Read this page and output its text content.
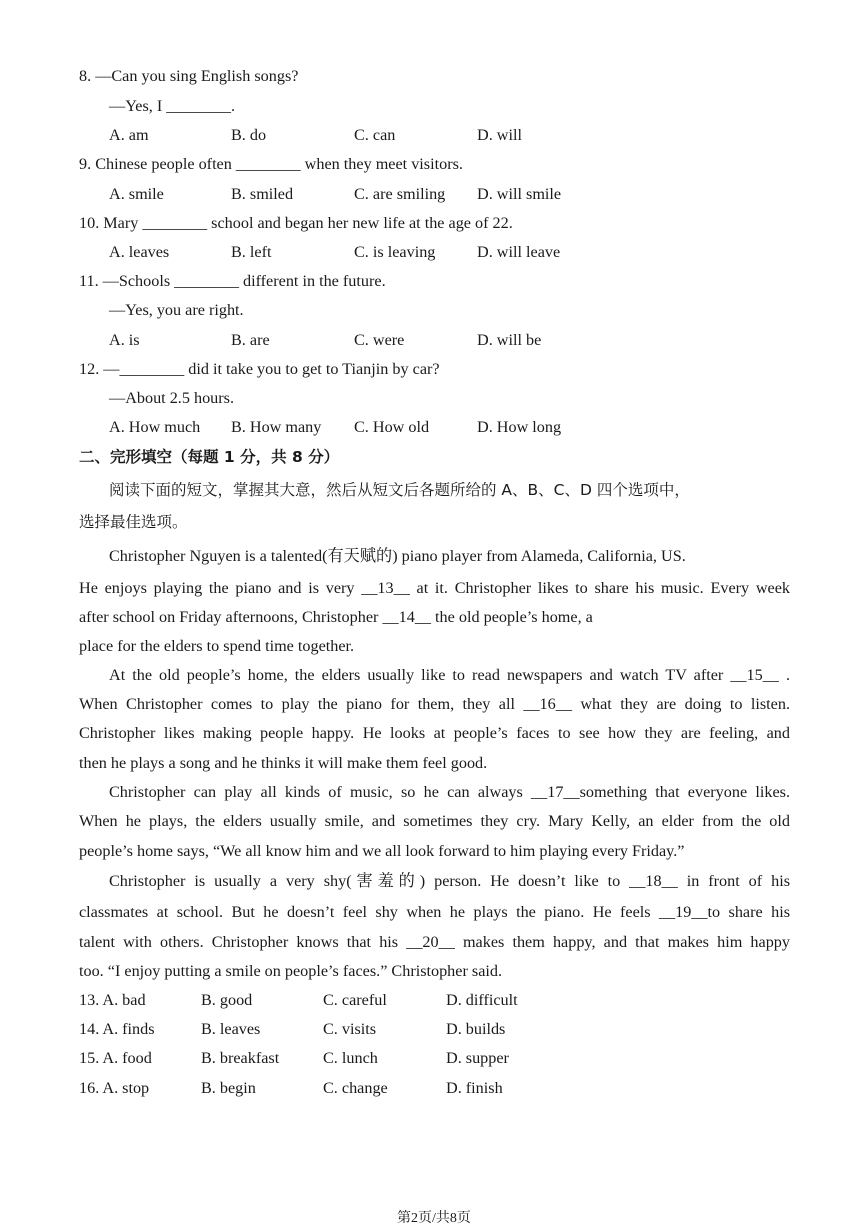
8. —Can you sing English songs?
—Yes, I ________.
A. am	B. do	C. can	D. will
9. Chinese people often ________ when they meet visitors.
A. smile	B. smiled	C. are smiling D. will smile
10. Mary ________ school and began her new life at the age of 22.
A. leaves	B. left	C. is leaving	D. will leave
11. —Schools ________ different in the future.
—Yes, you are right.
A. is	B. are	C. were	D. will be
12. —________ did it take you to get to Tianjin by car?
—About 2.5 hours.
A. How much B. How many C. How old	D. How long
二、完形填空（每题 1 分，共 8 分）
阅读下面的短文，掌握其大意，然后从短文后各题所给的 A、B、C、D 四个选项中，
选择最佳选项。
Christopher Nguyen is a talented(有天赋的) piano player from Alameda, California, US.
He enjoys playing the piano and is very __13__ at it. Christopher likes to share his music. Every week
after school on Friday afternoons, Christopher __14__ the old people’s home, a
place for the elders to spend time together.
At the old people’s home, the elders usually like to read newspapers and watch TV after __15__ .
When Christopher comes to play the piano for them, they all __16__ what they are doing to listen.
Christopher likes making people happy. He looks at people’s faces to see how they are feeling, and
then he plays a song and he thinks it will make them feel good.
Christopher can play all kinds of music, so he can always __17__something that everyone likes.
When he plays, the elders usually smile, and sometimes they cry. Mary Kelly, an elder from the old
people’s home says, “We all know him and we all look forward to him playing every Friday.”
Christopher is usually a very shy(害羞的) person. He doesn’t like to __18__ in front of his
classmates at school. But he doesn’t feel shy when he plays the piano. He feels __19__to share his
talent with others. Christopher knows that his __20__ makes them happy, and that makes him happy
too. “I enjoy putting a smile on people’s faces.” Christopher said.
13. A. bad	B. good	C. careful	D. difficult
14. A. finds	B. leaves	C. visits	D. builds
15. A. food	B. breakfast	C. lunch	D. supper
16. A. stop	B. begin	C. change	D. finish
第2页/共8页
